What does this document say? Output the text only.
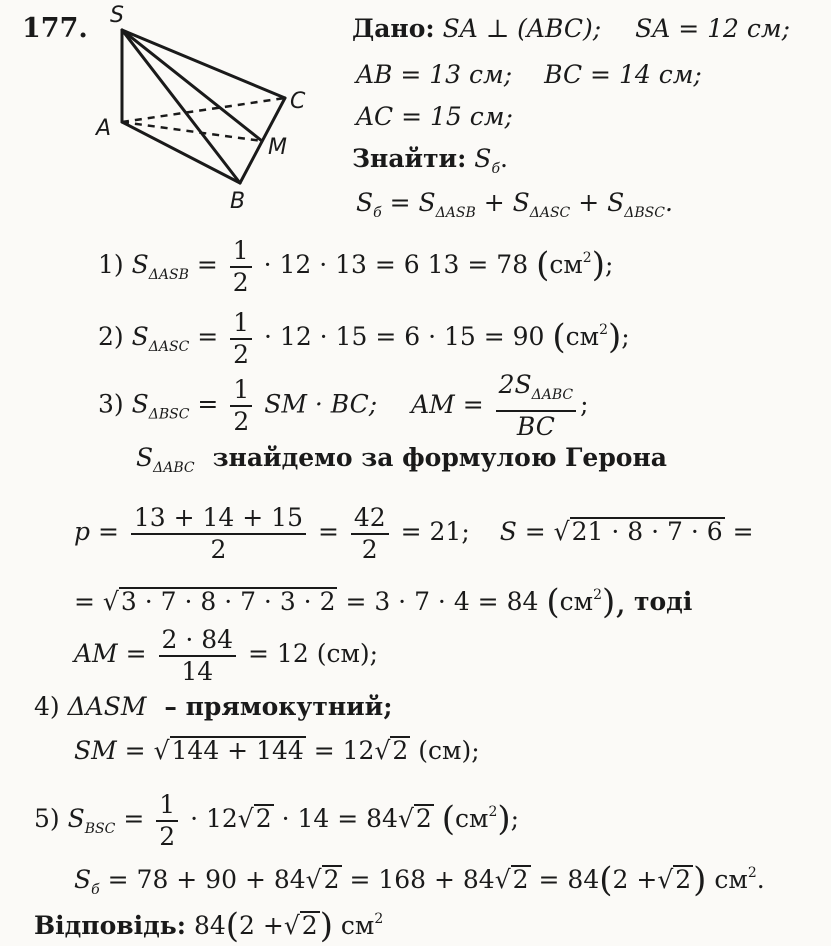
177. S
A
B
C
M
Дано: SA ⊥ (ABC); SA = 12 см;
AB = 13 см; BC = 14 см;
AC = 15 см;
Знайти: $S_б$.
$S_б = S_{\Delta ASB} + S_{\Delta ASC} + S_{\Delta BSC}$.
1) $S_{\Delta ASB} = \frac{1}{2} \cdot 12 \cdot 13 = 6$ 13 = 78 $(см^2)$;
2) $S_{\Delta ASC} = \frac{1}{2} \cdot 12 \cdot 15 = 6 \cdot 15 = 90$ $(см^2)$;
3) $S_{\Delta BSC} = \frac{1}{2}$ SM · BC; AM = $\frac{2S_{\Delta ABC}}{BC}$ ;
$S_{\Delta ABC}$ знайдемо за формулою Герона
$p = \frac{13 + 14 + 15}{2} = \frac{42}{2} = 21$; S = √21 · 8 · 7 · 6 =
= √3 · 7 · 8 · 7 · 3 · 2 = 3 · 7 · 4 = 84 $(см^2)$, тоді
AM = $\frac{2 \cdot 84}{14} = 12$ (см);
4) ΔASM – прямокутний;
SM = √144 + 144 = 12√2 (см);
5) $S_{BSC} = \frac{1}{2} \cdot 12√2 \cdot 14 = 84√2$ $(см^2)$;
$S_б = 78 + 90 + 84√2 = 168 + 84√2 = 84(2 +√2)$ $см^2$.
Відповідь: 84(2 +√2) $см^2$
